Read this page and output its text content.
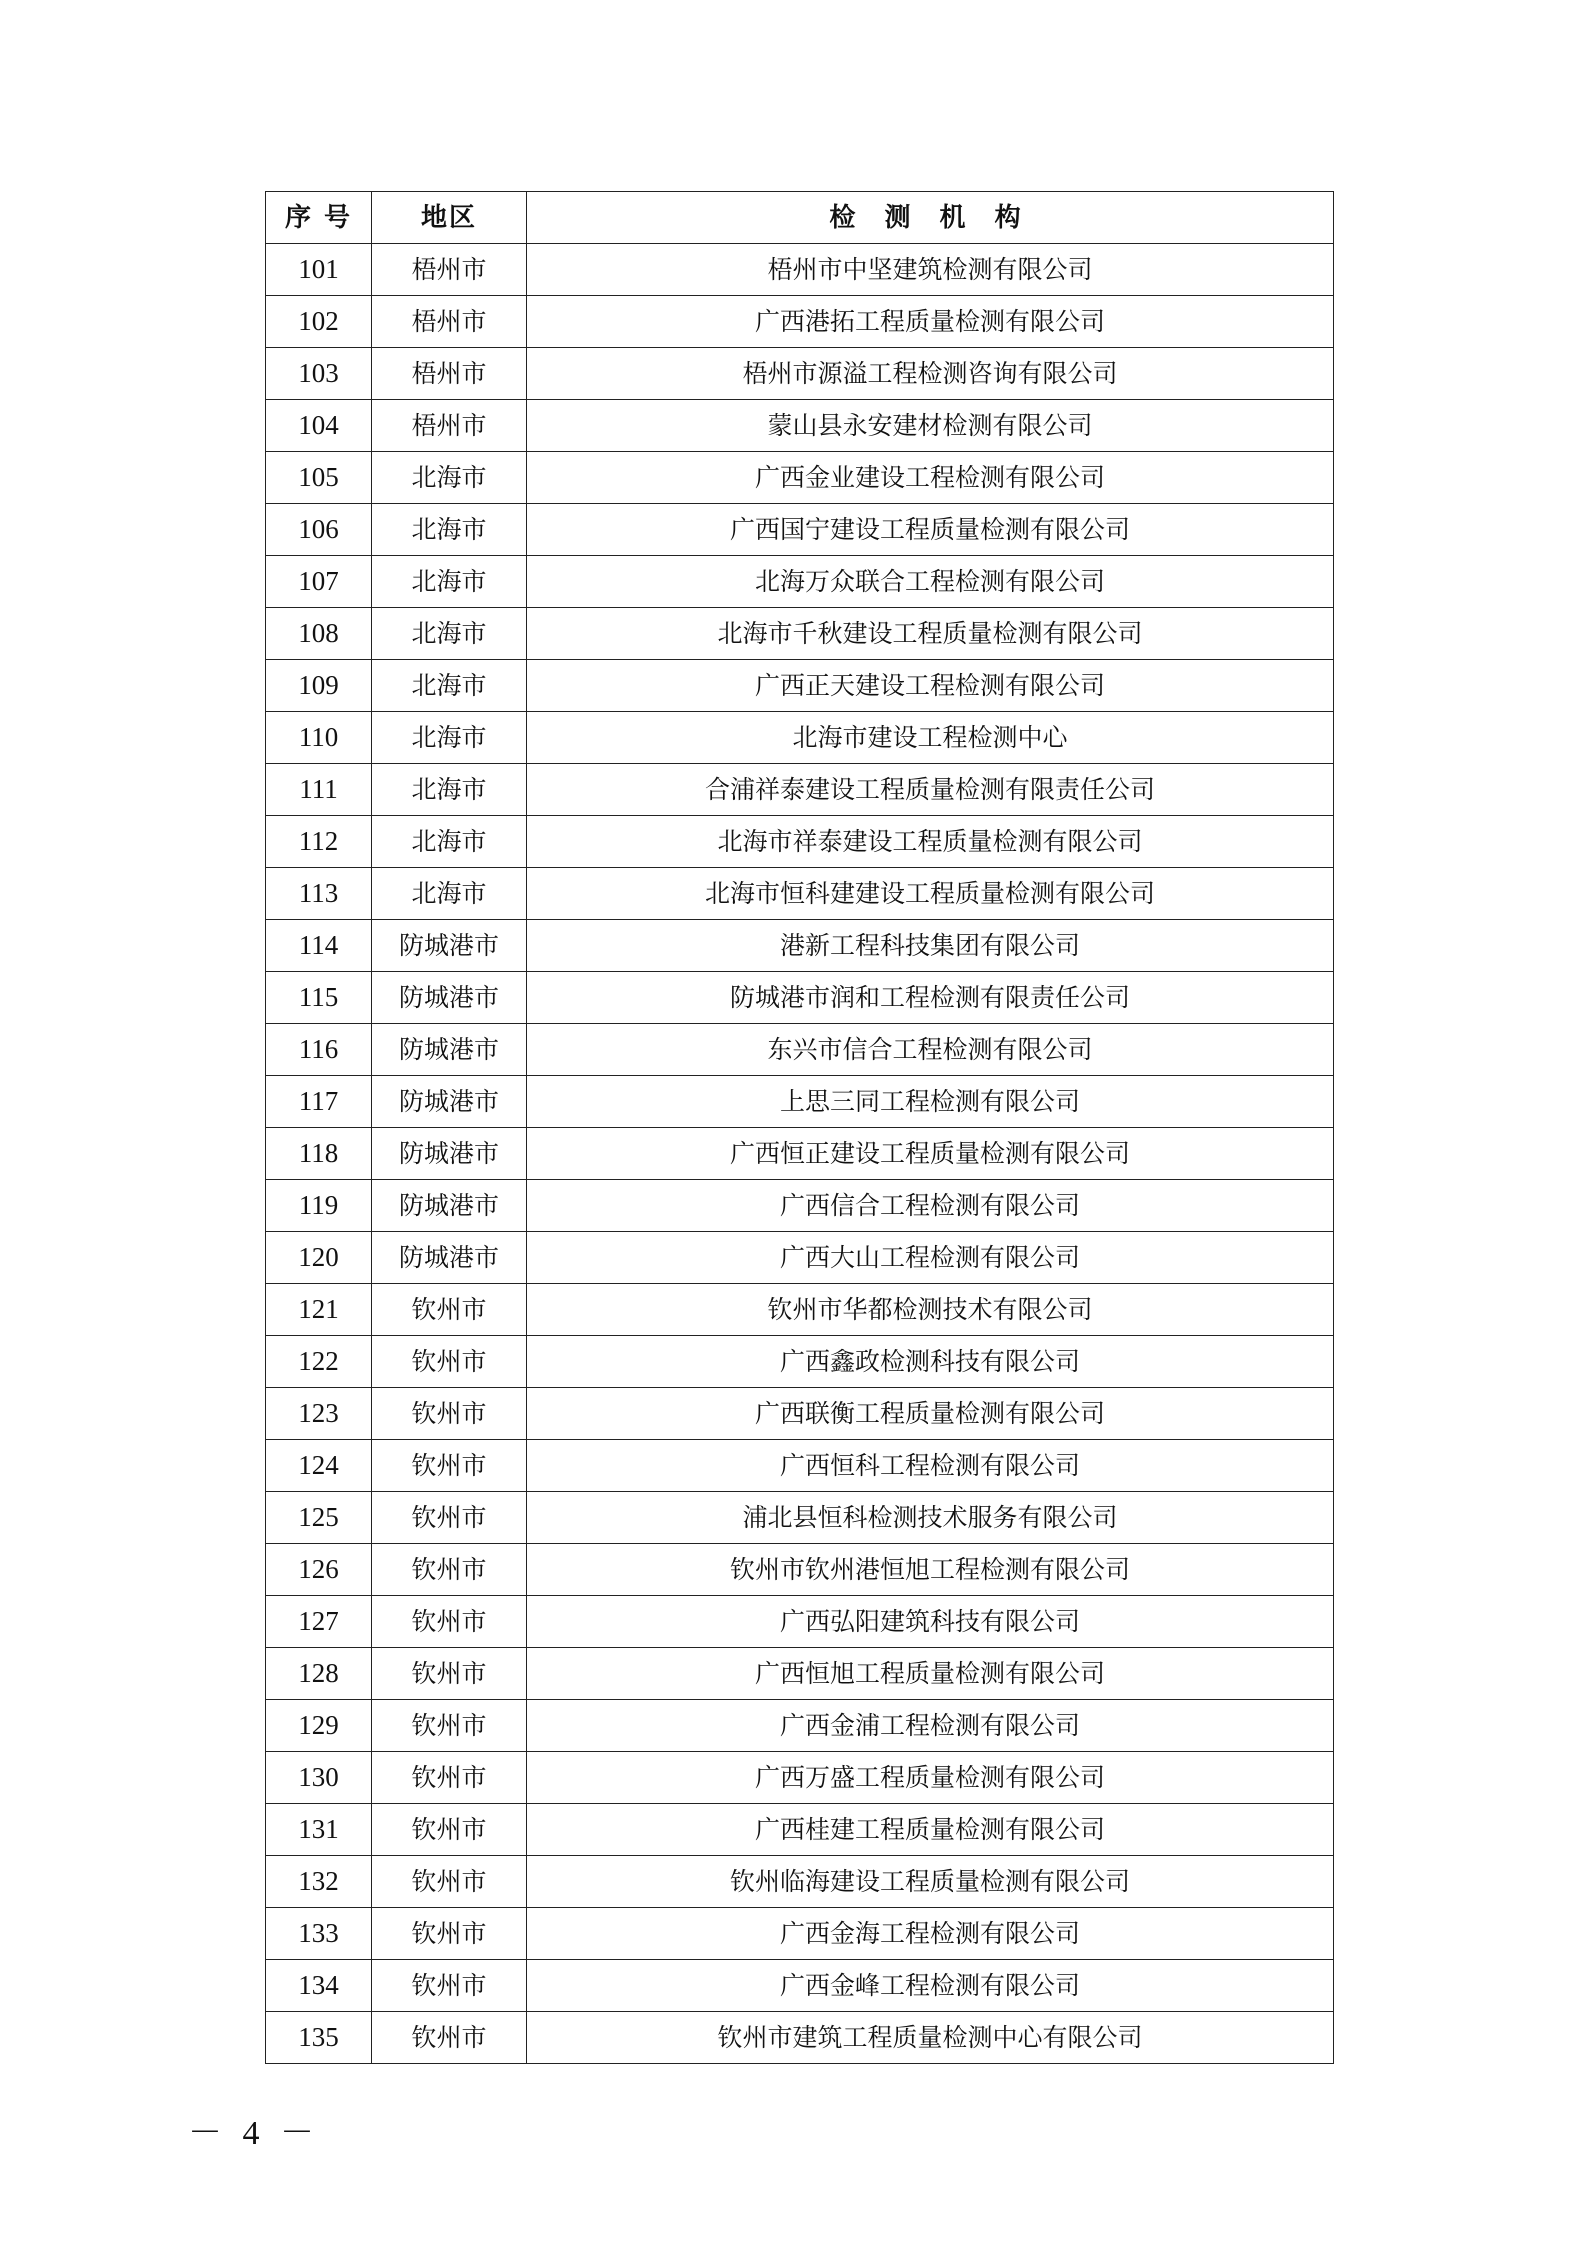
序 号	地区	检 测 机 构
101	梧州市	梧州市中坚建筑检测有限公司
102	梧州市	广西港拓工程质量检测有限公司
103	梧州市	梧州市源溢工程检测咨询有限公司
104	梧州市	蒙山县永安建材检测有限公司
105	北海市	广西金业建设工程检测有限公司
106	北海市	广西国宁建设工程质量检测有限公司
107	北海市	北海万众联合工程检测有限公司
108	北海市	北海市千秋建设工程质量检测有限公司
109	北海市	广西正天建设工程检测有限公司
110	北海市	北海市建设工程检测中心
111	北海市	合浦祥泰建设工程质量检测有限责任公司
112	北海市	北海市祥泰建设工程质量检测有限公司
113	北海市	北海市恒科建建设工程质量检测有限公司
114	防城港市	港新工程科技集团有限公司
115	防城港市	防城港市润和工程检测有限责任公司
116	防城港市	东兴市信合工程检测有限公司
117	防城港市	上思三同工程检测有限公司
118	防城港市	广西恒正建设工程质量检测有限公司
119	防城港市	广西信合工程检测有限公司
120	防城港市	广西大山工程检测有限公司
121	钦州市	钦州市华都检测技术有限公司
122	钦州市	广西鑫政检测科技有限公司
123	钦州市	广西联衡工程质量检测有限公司
124	钦州市	广西恒科工程检测有限公司
125	钦州市	浦北县恒科检测技术服务有限公司
126	钦州市	钦州市钦州港恒旭工程检测有限公司
127	钦州市	广西弘阳建筑科技有限公司
128	钦州市	广西恒旭工程质量检测有限公司
129	钦州市	广西金浦工程检测有限公司
130	钦州市	广西万盛工程质量检测有限公司
131	钦州市	广西桂建工程质量检测有限公司
132	钦州市	钦州临海建设工程质量检测有限公司
133	钦州市	广西金海工程检测有限公司
134	钦州市	广西金峰工程检测有限公司
135	钦州市	钦州市建筑工程质量检测中心有限公司
－ 4 －
